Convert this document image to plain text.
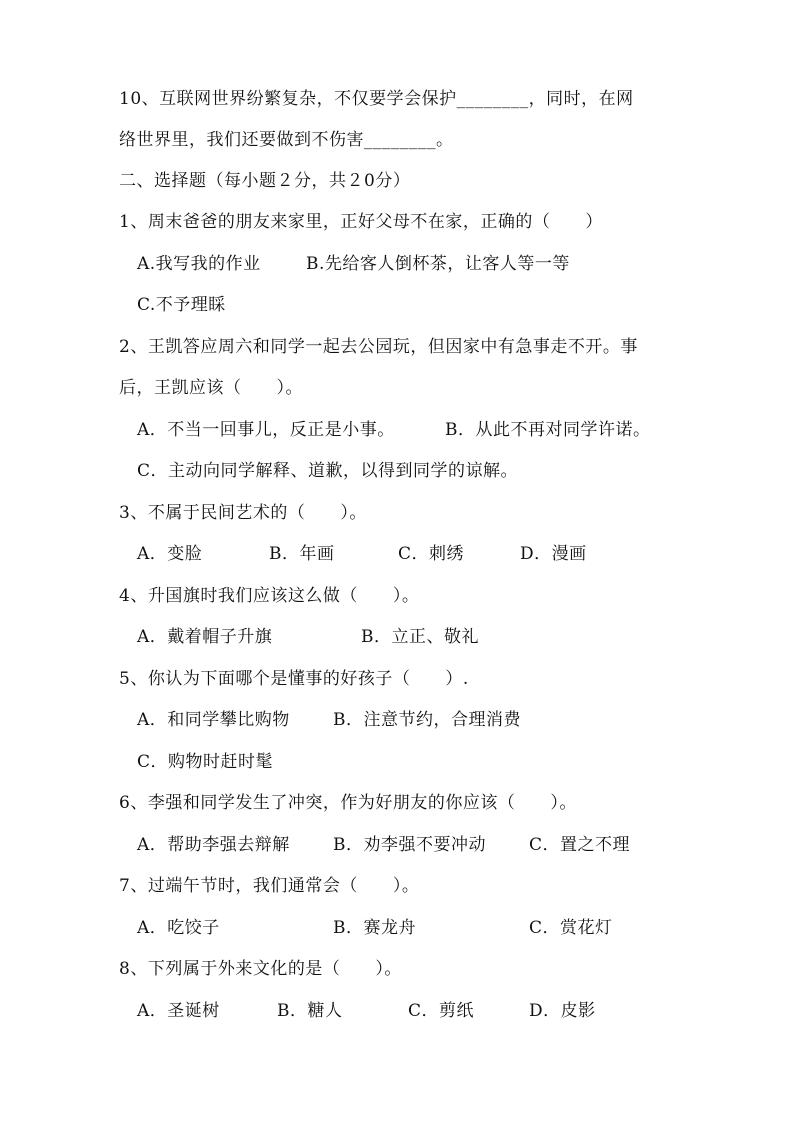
10、互联网世界纷繁复杂，不仅要学会保护________，同时，在网
络世界里，我们还要做到不伤害________。
二、选择题（每小题２分，共２0分）
1、周末爸爸的朋友来家里，正好父母不在家，正确的（　　）
A.我写我的作业	B.先给客人倒杯茶，让客人等一等
C.不予理睬
2、王凯答应周六和同学一起去公园玩，但因家中有急事走不开。事
后，王凯应该（　　）。
A．不当一回事儿，反正是小事。	B．从此不再对同学许诺。
C．主动向同学解释、道歉，以得到同学的谅解。
3、不属于民间艺术的（　　）。
A．变脸	B．年画	C．刺绣	D．漫画
4、升国旗时我们应该这么做（　　）。
A．戴着帽子升旗	B．立正、敬礼
5、你认为下面哪个是懂事的好孩子（　　）.
A．和同学攀比购物	B．注意节约，合理消费
C．购物时赶时髦
6、李强和同学发生了冲突，作为好朋友的你应该（　　）。
A．帮助李强去辩解	B．劝李强不要冲动	C．置之不理
7、过端午节时，我们通常会（　　）。
A．吃饺子	B．赛龙舟	C．赏花灯
8、下列属于外来文化的是（　　）。
A．圣诞树	B．糖人	C．剪纸	D．皮影
